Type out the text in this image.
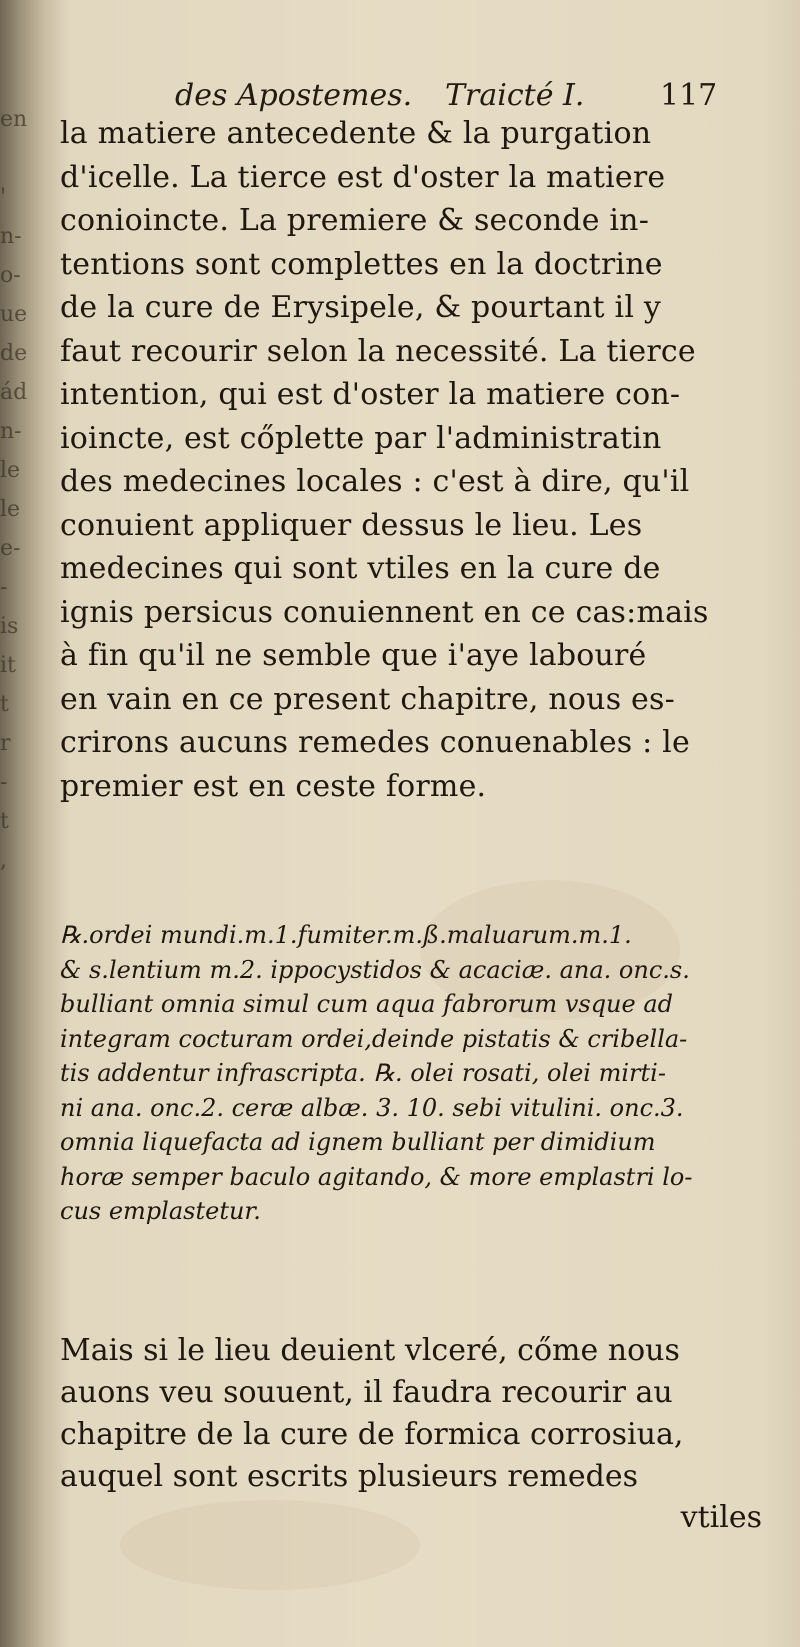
en
'
n-
o-
ue
de
ád
n-
le
le
e-
-
is
it
t
r
-
t
,
des Apostemes. Traicté I.	117
la matiere antecedente & la purgation
d'icelle. La tierce est d'oster la matiere
conioincte. La premiere & seconde in-
tentions sont complettes en la doctrine
de la cure de Erysipele, & pourtant il y
faut recourir selon la necessité. La tierce
intention, qui est d'oster la matiere con-
ioincte, est cőplette par l'administratin
des medecines locales : c'est à dire, qu'il
conuient appliquer dessus le lieu. Les
medecines qui sont vtiles en la cure de
ignis persicus conuiennent en ce cas:mais
à fin qu'il ne semble que i'aye labouré
en vain en ce present chapitre, nous es-
crirons aucuns remedes conuenables : le
premier est en ceste forme.
℞.ordei mundi.m.1.fumiter.m.ß.maluarum.m.1.
& s.lentium m.2. ippocystidos & acaciæ. ana. onc.s.
bulliant omnia simul cum aqua fabrorum vsque ad
integram cocturam ordei,deinde pistatis & cribella-
tis addentur infrascripta. ℞. olei rosati, olei mirti-
ni ana. onc.2. ceræ albæ. 3. 10. sebi vitulini. onc.3.
omnia liquefacta ad ignem bulliant per dimidium
horæ semper baculo agitando, & more emplastri lo-
cus emplastetur.
Mais si le lieu deuient vlceré, cőme nous
auons veu souuent, il faudra recourir au
chapitre de la cure de formica corrosiua,
auquel sont escrits plusieurs remedes
vtiles
